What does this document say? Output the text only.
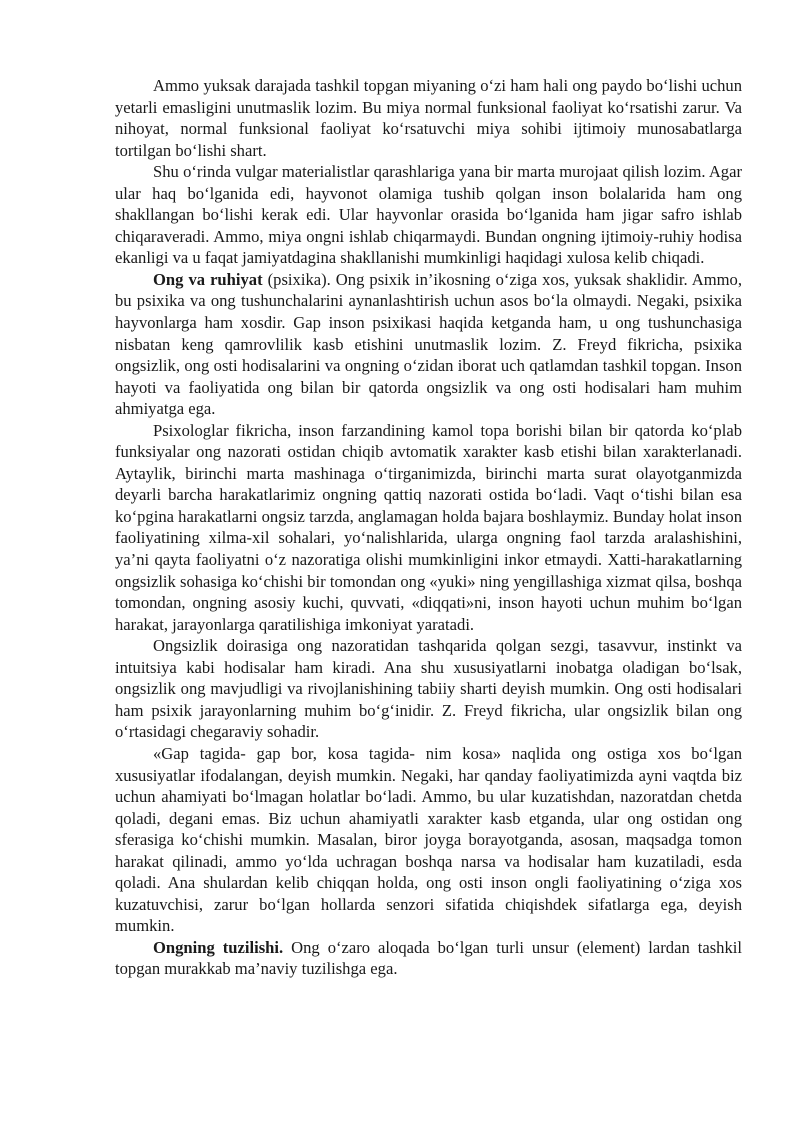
Ammo yuksak darajada tashkil topgan miyaning o‘zi ham hali ong paydo bo‘lishi uchun yetarli emasligini unutmaslik lozim. Bu miya normal funksional faoliyat ko‘rsatishi zarur. Va nihoyat, normal funksional faoliyat ko‘rsatuvchi miya sohibi ijtimoiy munosabatlarga tortilgan bo‘lishi shart.

Shu o‘rinda vulgar materialistlar qarashlariga yana bir marta murojaat qilish lozim. Agar ular haq bo‘lganida edi, hayvonot olamiga tushib qolgan inson bolalarida ham ong shakllangan bo‘lishi kerak edi. Ular hayvonlar orasida bo‘lganida ham jigar safro ishlab chiqaraveradi. Ammo, miya ongni ishlab chiqarmaydi. Bundan ongning ijtimoiy-ruhiy hodisa ekanligi va u faqat jamiyatdagina shakllanishi mumkinligi haqidagi xulosa kelib chiqadi.

Ong va ruhiyat (psixika). Ong psixik in’ikosning o‘ziga xos, yuksak shaklidir. Ammo, bu psixika va ong tushunchalarini aynanlashtirish uchun asos bo‘la olmaydi. Negaki, psixika hayvonlarga ham xosdir. Gap inson psixikasi haqida ketganda ham, u ong tushunchasiga nisbatan keng qamrovlilik kasb etishini unutmaslik lozim. Z. Freyd fikricha, psixika ongsizlik, ong osti hodisalarini va ongning o‘zidan iborat uch qatlamdan tashkil topgan. Inson hayoti va faoliyatida ong bilan bir qatorda ongsizlik va ong osti hodisalari ham muhim ahmiyatga ega.

Psixologlar fikricha, inson farzandining kamol topa borishi bilan bir qatorda ko‘plab funksiyalar ong nazorati ostidan chiqib avtomatik xarakter kasb etishi bilan xarakterlanadi. Aytaylik, birinchi marta mashinaga o‘tirganimizda, birinchi marta surat olayotganmizda deyarli barcha harakatlarimiz ongning qattiq nazorati ostida bo‘ladi. Vaqt o‘tishi bilan esa ko‘pgina harakatlarni ongsiz tarzda, anglamagan holda bajara boshlaymiz. Bunday holat inson faoliyatining xilma-xil sohalari, yo‘nalishlarida, ularga ongning faol tarzda aralashishini, ya’ni qayta faoliyatni o‘z nazoratiga olishi mumkinligini inkor etmaydi. Xatti-harakatlarning ongsizlik sohasiga ko‘chishi bir tomondan ong «yuki» ning yengillashiga xizmat qilsa, boshqa tomondan, ongning asosiy kuchi, quvvati, «diqqati»ni, inson hayoti uchun muhim bo‘lgan harakat, jarayonlarga qaratilishiga imkoniyat yaratadi.

Ongsizlik doirasiga ong nazoratidan tashqarida qolgan sezgi, tasavvur, instinkt va intuitsiya kabi hodisalar ham kiradi. Ana shu xususiyatlarni inobatga oladigan bo‘lsak, ongsizlik ong mavjudligi va rivojlanishining tabiiy sharti deyish mumkin. Ong osti hodisalari ham psixik jarayonlarning muhim bo‘g‘inidir. Z. Freyd fikricha, ular ongsizlik bilan ong o‘rtasidagi chegaraviy sohadir.

«Gap tagida- gap bor, kosa tagida- nim kosa» naqlida ong ostiga xos bo‘lgan xususiyatlar ifodalangan, deyish mumkin. Negaki, har qanday faoliyatimizda ayni vaqtda biz uchun ahamiyati bo‘lmagan holatlar bo‘ladi. Ammo, bu ular kuzatishdan, nazoratdan chetda qoladi, degani emas. Biz uchun ahamiyatli xarakter kasb etganda, ular ong ostidan ong sferasiga ko‘chishi mumkin. Masalan, biror joyga borayotganda, asosan, maqsadga tomon harakat qilinadi, ammo yo‘lda uchragan boshqa narsa va hodisalar ham kuzatiladi, esda qoladi. Ana shulardan kelib chiqqan holda, ong osti inson ongli faoliyatining o‘ziga xos kuzatuvchisi, zarur bo‘lgan hollarda senzori sifatida chiqishdek sifatlarga ega, deyish mumkin.

Ongning tuzilishi. Ong o‘zaro aloqada bo‘lgan turli unsur (element) lardan tashkil topgan murakkab ma’naviy tuzilishga ega.
